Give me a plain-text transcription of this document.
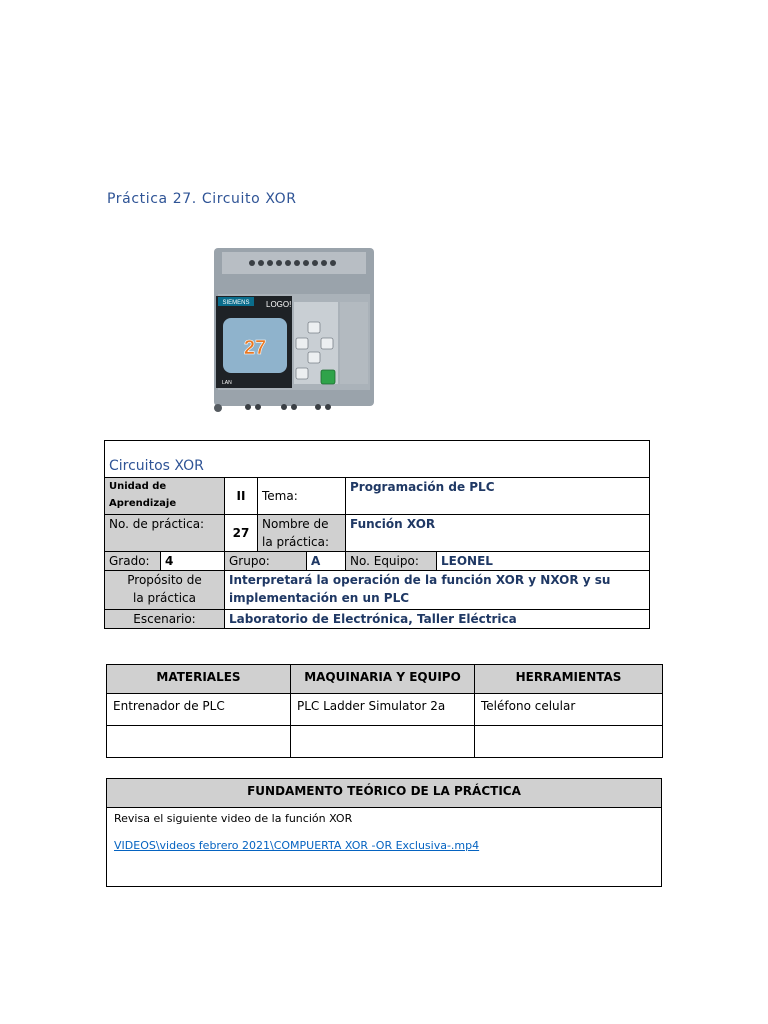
Práctica 27. Circuito XOR
SIEMENS LOGO!
27
LAN
Circuitos XOR						
Unidad de Aprendizaje		II	Tema:		Programación de PLC	
No. de práctica:		27	Nombre de la práctica:		Función XOR	
Grado:	4	Grupo:		A	No. Equipo:	LEONEL
Propósito de la práctica		Interpretará la operación de la función XOR y NXOR y su implementación en un PLC				
Escenario:		Laboratorio de Electrónica, Taller Eléctrica				
MATERIALES	MAQUINARIA Y EQUIPO	HERRAMIENTAS
Entrenador de PLC	PLC Ladder Simulator 2a	Teléfono celular

FUNDAMENTO TEÓRICO DE LA PRÁCTICA

Revisa el siguiente video de la función XOR
VIDEOS\videos febrero 2021\COMPUERTA XOR -OR Exclusiva-.mp4
